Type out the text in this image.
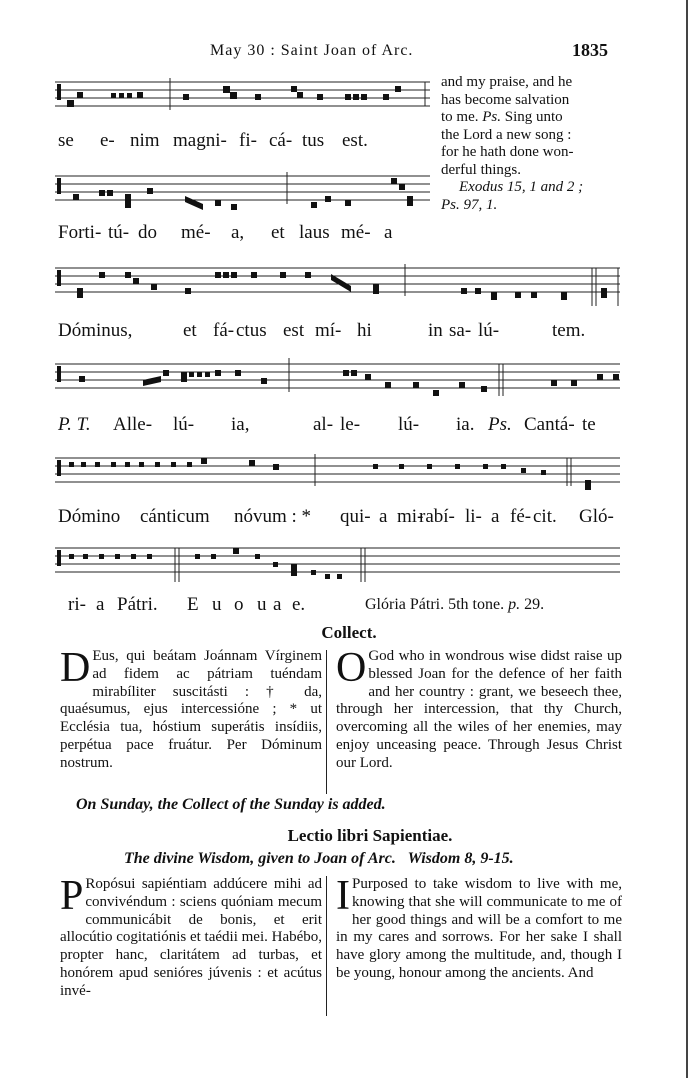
May 30 : Saint Joan of Arc.	1835
se e- nim magni- fi- cá- tus est.
and my praise, and he
has become salvation
to me. Ps. Sing unto
the Lord a new song :
for he hath done won-
derful things.
Exodus 15, 1 and 2 ;
Ps. 97, 1.
Forti- tú- do mé- a, et laus mé- a
Dóminus,	et fá- ctus est mí- hi	in sa- lú-	tem.
P. T. Alle- lú- ia,	al- le- lú- ia. Ps. Cantá- te
Dómino cánticum nóvum : * qui- a mi-
rabí- li- a fé- cit. Gló-
ri- a Pátri. E u o u a e.	Glória Pátri. 5th tone. p. 29.
Collect.
D Eus, qui beátam Joánnam Vírginem ad fidem ac pátriam tuéndam mirabíliter suscitásti : † da, quaésumus, ejus intercessióne ; * ut Ecclésia tua, hóstium superátis insídiis, perpétua pace fruátur. Per Dóminum nostrum.
O God who in wondrous wise didst raise up blessed Joan for the defence of her faith and her country : grant, we beseech thee, through her intercession, that thy Church, overcoming all the wiles of her enemies, may enjoy unceasing peace. Through Jesus Christ our Lord.
On Sunday, the Collect of the Sunday is added.
Lectio libri Sapientiae.
The divine Wisdom, given to Joan of Arc. Wisdom 8, 9-15.
P Ropósui sapiéntiam addúcere mihi ad convivéndum : sciens quóniam mecum communicábit de bonis, et erit allocútio cogitatiónis et taédii mei. Habébo, propter hanc, claritátem ad turbas, et honórem apud senióres júvenis : et acútus invé-
I Purposed to take wisdom to live with me, knowing that she will communicate to me of her good things and will be a comfort to me in my cares and sorrows. For her sake I shall have glory among the multitude, and, though I be young, honour among the ancients. And
